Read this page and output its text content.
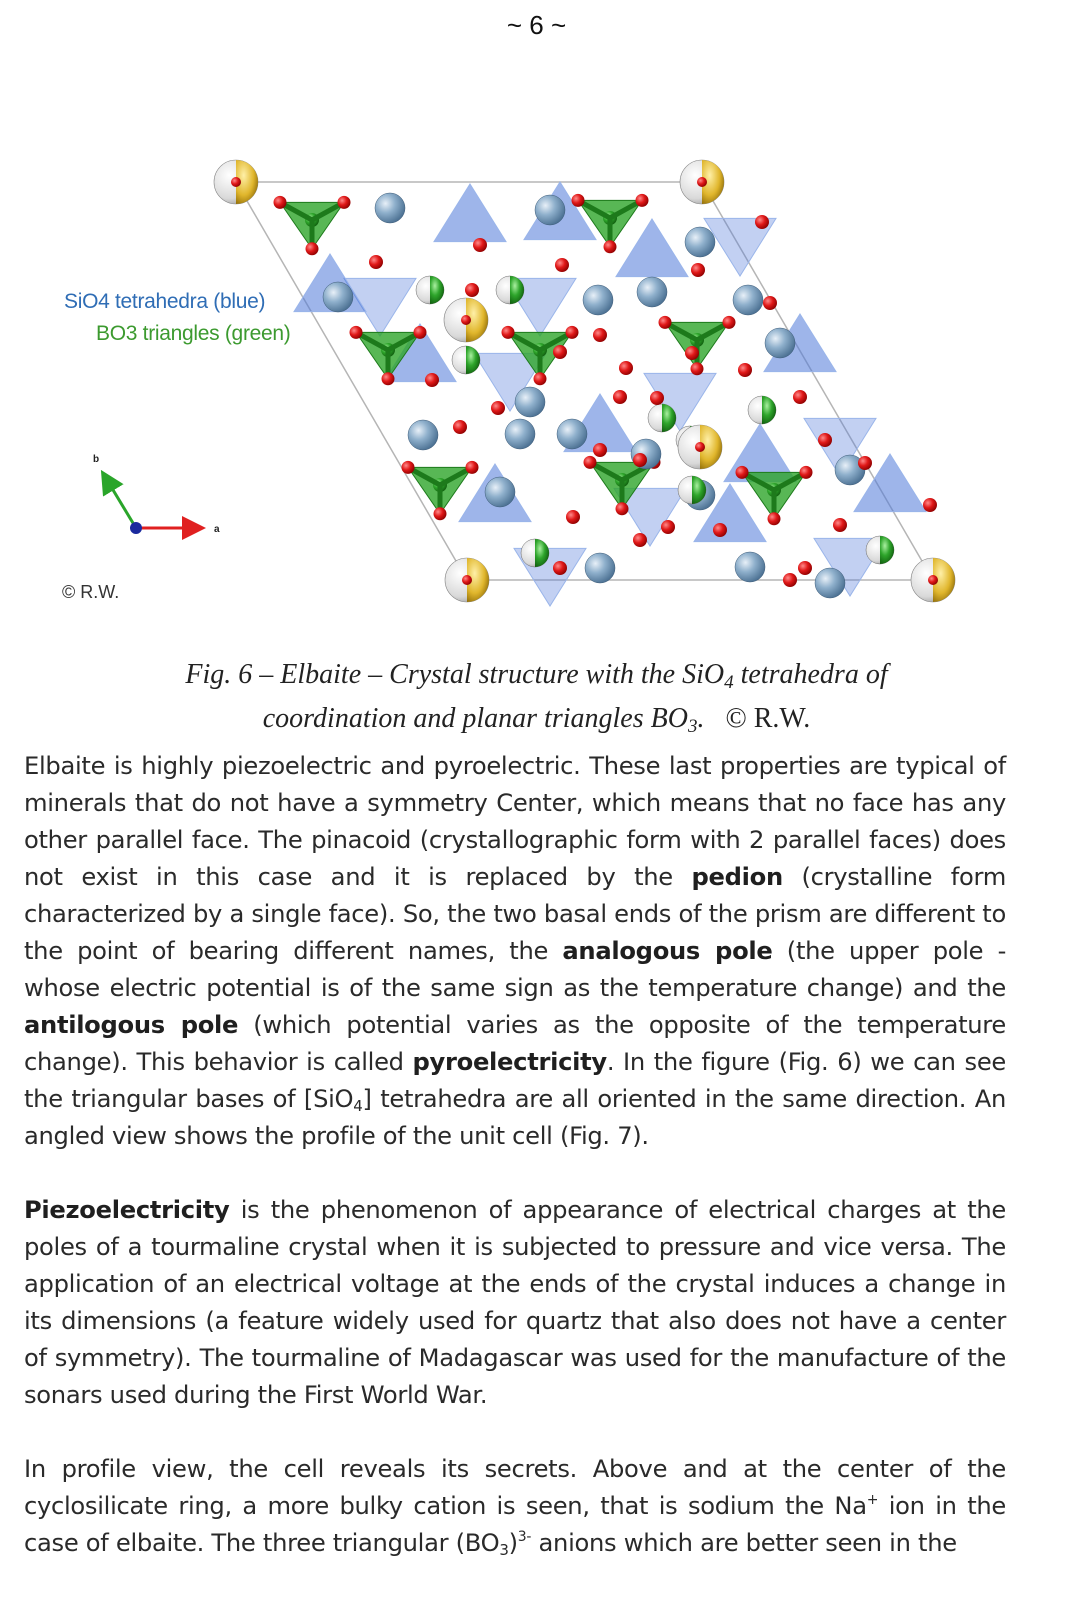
~ 6 ~
b
a
SiO4 tetrahedra (blue)
BO3 triangles (green)
© R.W.
Fig. 6 – Elbaite – Crystal structure with the SiO$_4$ tetrahedra of
coordination and planar triangles $BO_3$. © R.W.
Elbaite is highly piezoelectric and pyroelectric. These last properties are typical of minerals that do not have a symmetry Center, which means that no face has any other parallel face. The pinacoid (crystallographic form with 2 parallel faces) does not exist in this case and it is replaced by the pedion (crystalline form characterized by a single face). So, the two basal ends of the prism are different to the point of bearing different names, the analogous pole (the upper pole - whose electric potential is of the same sign as the temperature change) and the antilogous pole (which potential varies as the opposite of the temperature change). This behavior is called pyroelectricity. In the figure (Fig. 6) we can see the triangular bases of [SiO$_4$] tetrahedra are all oriented in the same direction. An angled view shows the profile of the unit cell (Fig. 7).
Piezoelectricity is the phenomenon of appearance of electrical charges at the poles of a tourmaline crystal when it is subjected to pressure and vice versa. The application of an electrical voltage at the ends of the crystal induces a change in its dimensions (a feature widely used for quartz that also does not have a center of symmetry). The tourmaline of Madagascar was used for the manufacture of the sonars used during the First World War.
In profile view, the cell reveals its secrets. Above and at the center of the cyclosilicate ring, a more bulky cation is seen, that is sodium the Na+ ion in the case of elbaite. The three triangular $(BO_3)^{3-}$ anions which are better seen in the
